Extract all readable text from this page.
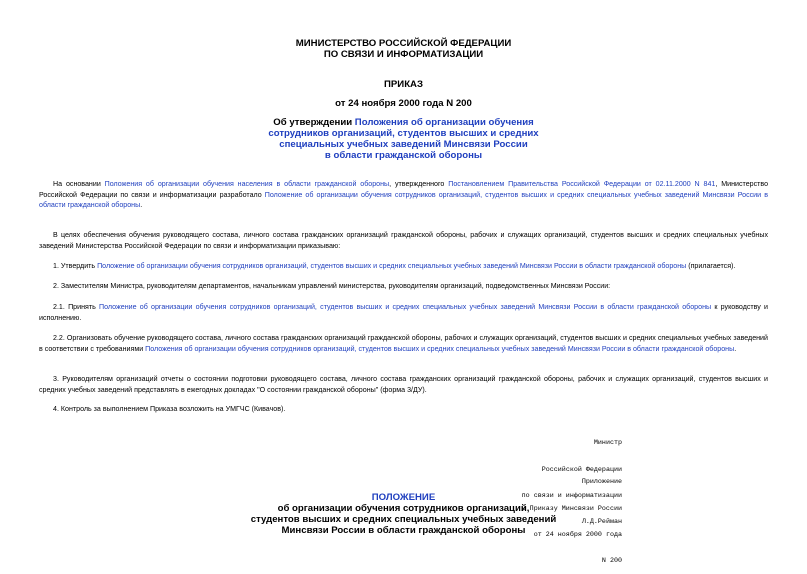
МИНИСТЕРСТВО РОССИЙСКОЙ ФЕДЕРАЦИИ
ПО СВЯЗИ И ИНФОРМАТИЗАЦИИ
ПРИКАЗ
от 24 ноября 2000 года N 200
Об утверждении Положения об организации обучения
сотрудников организаций, студентов высших и средних
специальных учебных заведений Минсвязи России
в области гражданской обороны
На основании Положения об организации обучения населения в области гражданской обороны, утвержденного Постановлением Правительства Российской Федерации от 02.11.2000 N 841, Министерство Российской Федерации по связи и информатизации разработало Положение об организации обучения сотрудников организаций, студентов высших и средних специальных учебных заведений Минсвязи России в области гражданской обороны.
В целях обеспечения обучения руководящего состава, личного состава гражданских организаций гражданской обороны, рабочих и служащих организаций, студентов высших и средних специальных учебных заведений Министерства Российской Федерации по связи и информатизации приказываю:
1. Утвердить Положение об организации обучения сотрудников организаций, студентов высших и средних специальных учебных заведений Минсвязи России в области гражданской обороны (прилагается).
2. Заместителям Министра, руководителям департаментов, начальникам управлений министерства, руководителям организаций, подведомственных Минсвязи России:
2.1. Принять Положение об организации обучения сотрудников организаций, студентов высших и средних специальных учебных заведений Минсвязи России в области гражданской обороны к руководству и исполнению.
2.2. Организовать обучение руководящего состава, личного состава гражданских организаций гражданской обороны, рабочих и служащих организаций, студентов высших и средних специальных учебных заведений в соответствии с требованиями Положения об организации обучения сотрудников организаций, студентов высших и средних специальных учебных заведений Минсвязи России в области гражданской обороны.
3. Руководителям организаций отчеты о состоянии подготовки руководящего состава, личного состава гражданских организаций гражданской обороны, рабочих и служащих организаций, студентов высших и средних учебных заведений представлять в ежегодных докладах "О состоянии гражданской обороны" (форма 3/ДУ).
4. Контроль за выполнением Приказа возложить на УМГЧС (Кивачов).

Министр

Российской Федерации

по связи и информатизации

Л.Д.Рейман

Приложение

к Приказу Минсвязи России

от 24 ноября 2000 года

N 200

ПОЛОЖЕНИЕ
об организации обучения сотрудников организаций,
студентов высших и средних специальных учебных заведений
Минсвязи России в области гражданской обороны
